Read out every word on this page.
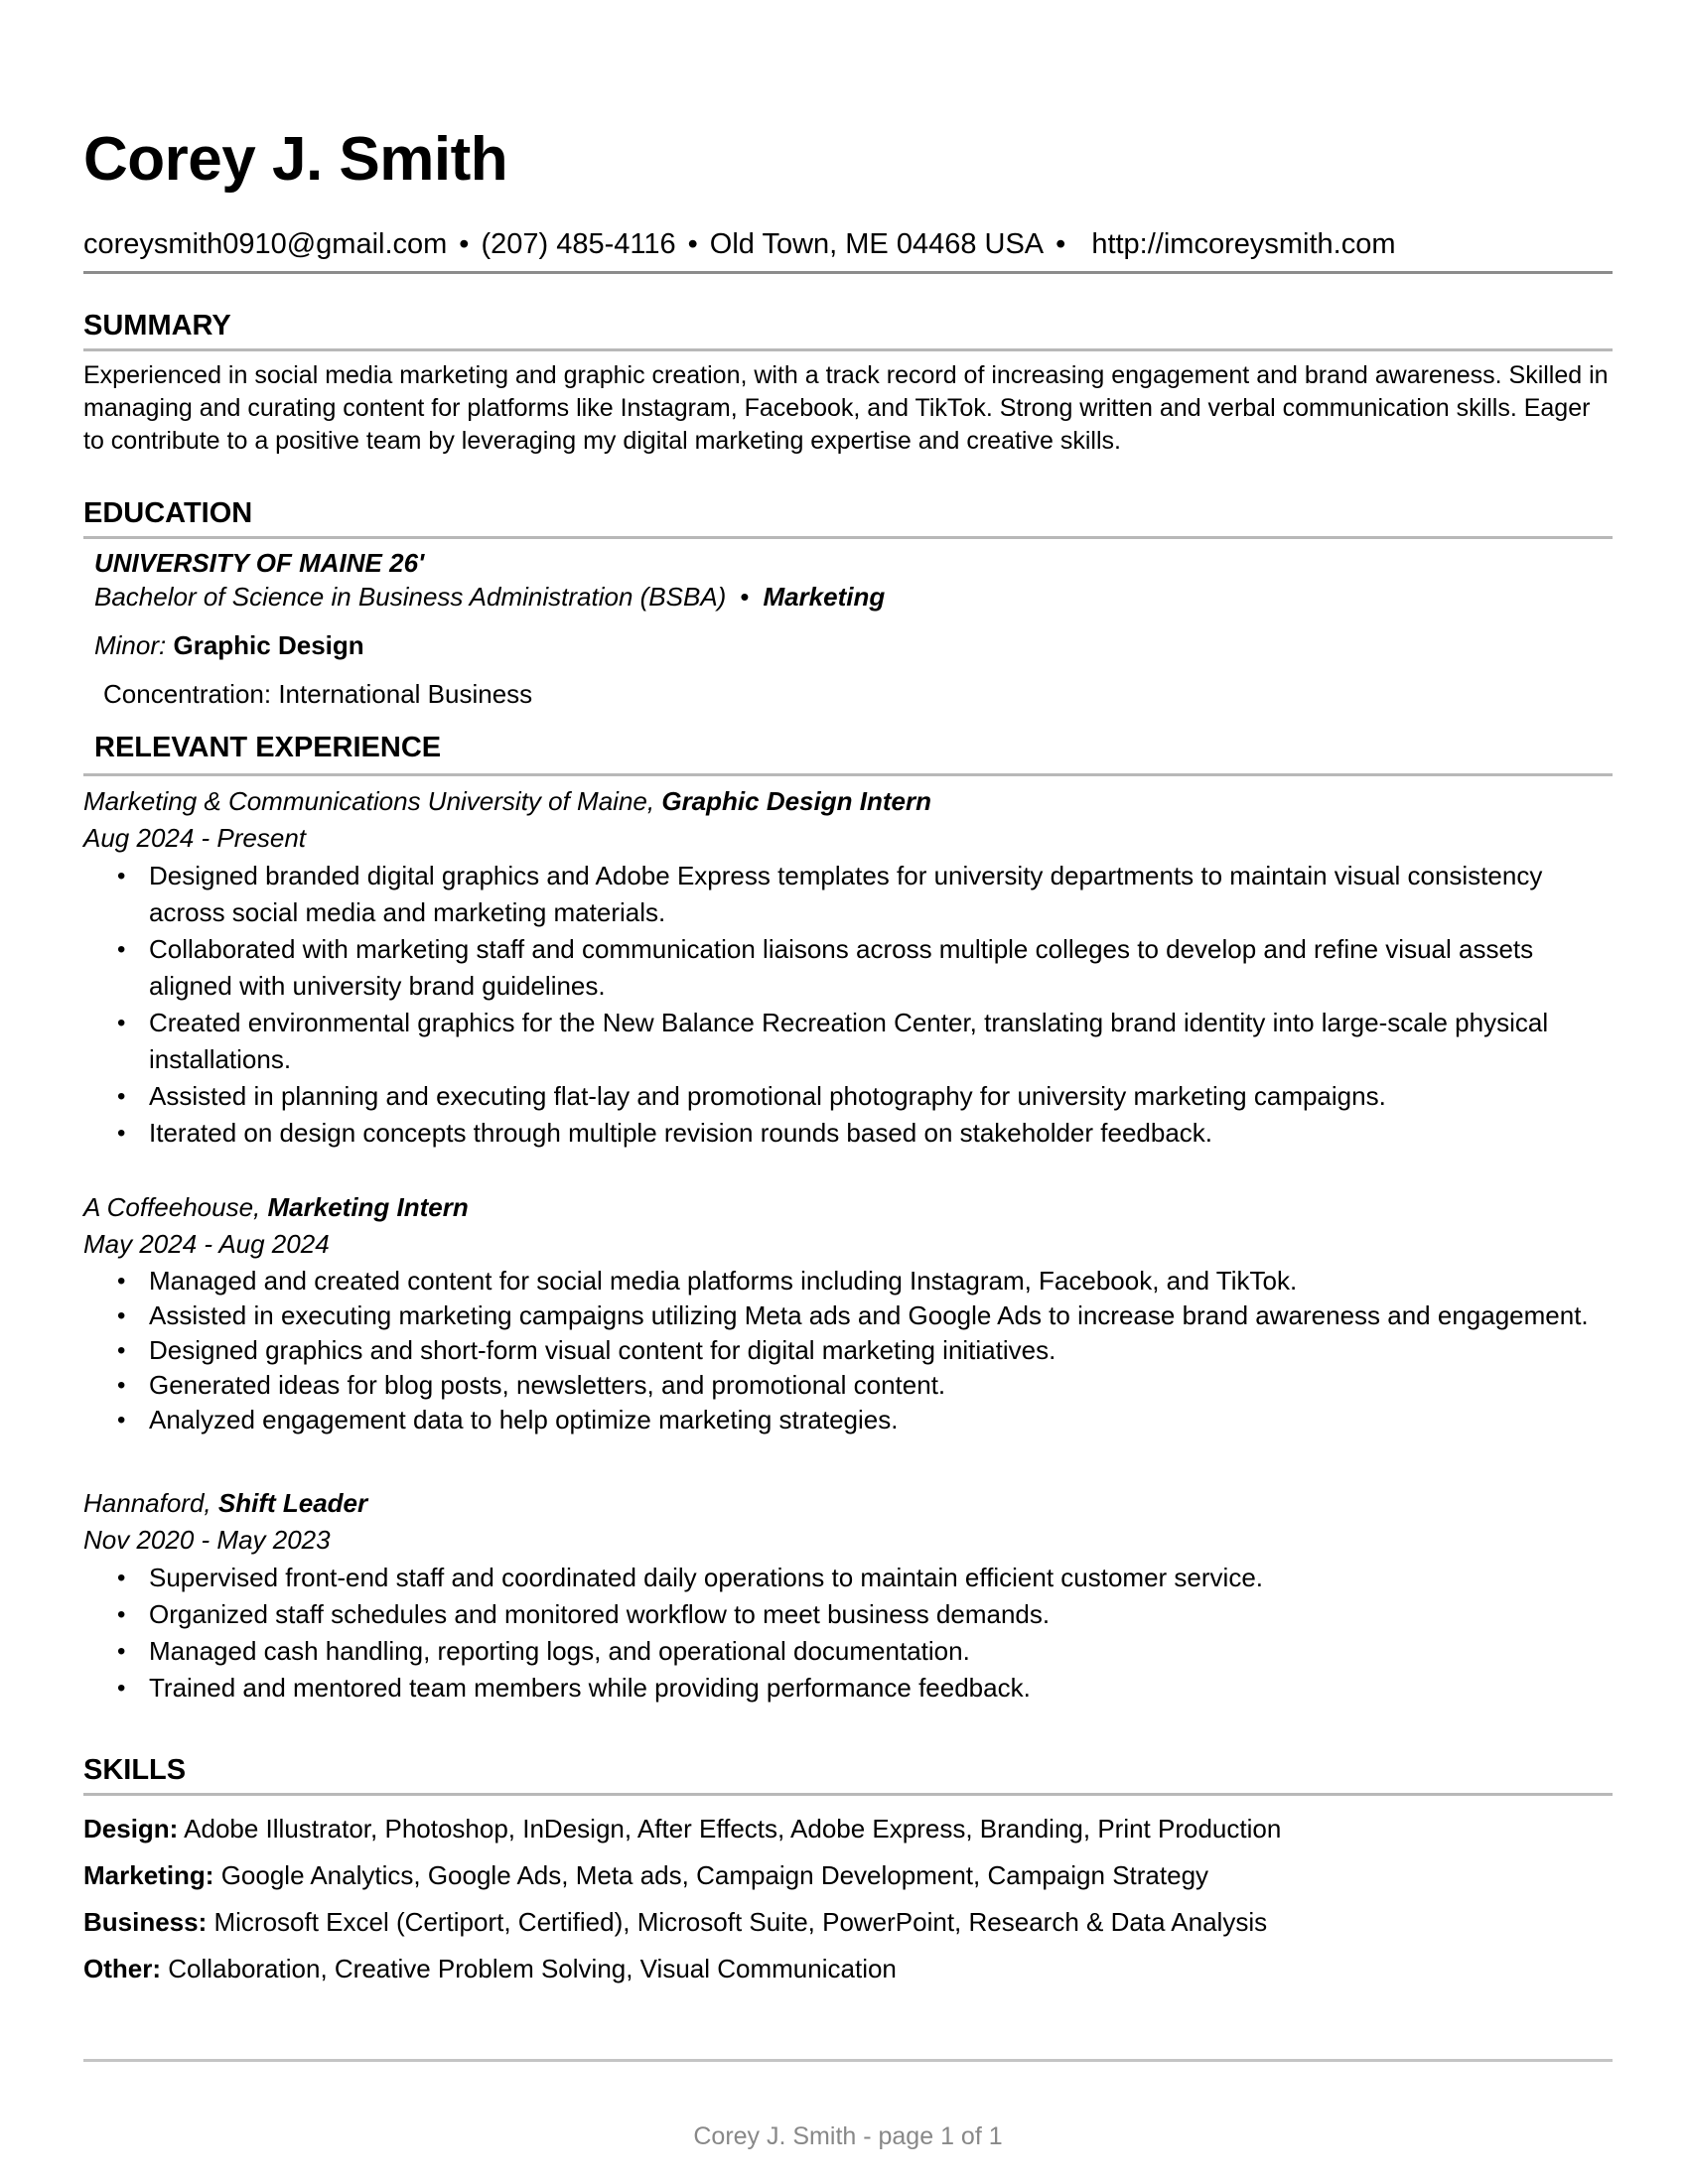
Corey J. Smith
coreysmith0910@gmail.com • (207) 485-4116 • Old Town, ME 04468 USA • http://imcoreysmith.com
SUMMARY
Experienced in social media marketing and graphic creation, with a track record of increasing engagement and brand awareness. Skilled in managing and curating content for platforms like Instagram, Facebook, and TikTok. Strong written and verbal communication skills. Eager to contribute to a positive team by leveraging my digital marketing expertise and creative skills.
EDUCATION
UNIVERSITY OF MAINE 26'
Bachelor of Science in Business Administration (BSBA) • Marketing
Minor: Graphic Design
Concentration: International Business
RELEVANT EXPERIENCE
Marketing & Communications University of Maine, Graphic Design Intern
Aug 2024 - Present
• Designed branded digital graphics and Adobe Express templates for university departments to maintain visual consistency across social media and marketing materials.
• Collaborated with marketing staff and communication liaisons across multiple colleges to develop and refine visual assets aligned with university brand guidelines.
• Created environmental graphics for the New Balance Recreation Center, translating brand identity into large-scale physical installations.
• Assisted in planning and executing flat-lay and promotional photography for university marketing campaigns.
• Iterated on design concepts through multiple revision rounds based on stakeholder feedback.
A Coffeehouse, Marketing Intern
May 2024 - Aug 2024
• Managed and created content for social media platforms including Instagram, Facebook, and TikTok.
• Assisted in executing marketing campaigns utilizing Meta ads and Google Ads to increase brand awareness and engagement.
• Designed graphics and short-form visual content for digital marketing initiatives.
• Generated ideas for blog posts, newsletters, and promotional content.
• Analyzed engagement data to help optimize marketing strategies.
Hannaford, Shift Leader
Nov 2020 - May 2023
• Supervised front-end staff and coordinated daily operations to maintain efficient customer service.
• Organized staff schedules and monitored workflow to meet business demands.
• Managed cash handling, reporting logs, and operational documentation.
• Trained and mentored team members while providing performance feedback.
SKILLS
Design: Adobe Illustrator, Photoshop, InDesign, After Effects, Adobe Express, Branding, Print Production
Marketing: Google Analytics, Google Ads, Meta ads, Campaign Development, Campaign Strategy
Business: Microsoft Excel (Certiport, Certified), Microsoft Suite, PowerPoint, Research & Data Analysis
Other: Collaboration, Creative Problem Solving, Visual Communication
Corey J. Smith - page 1 of 1
